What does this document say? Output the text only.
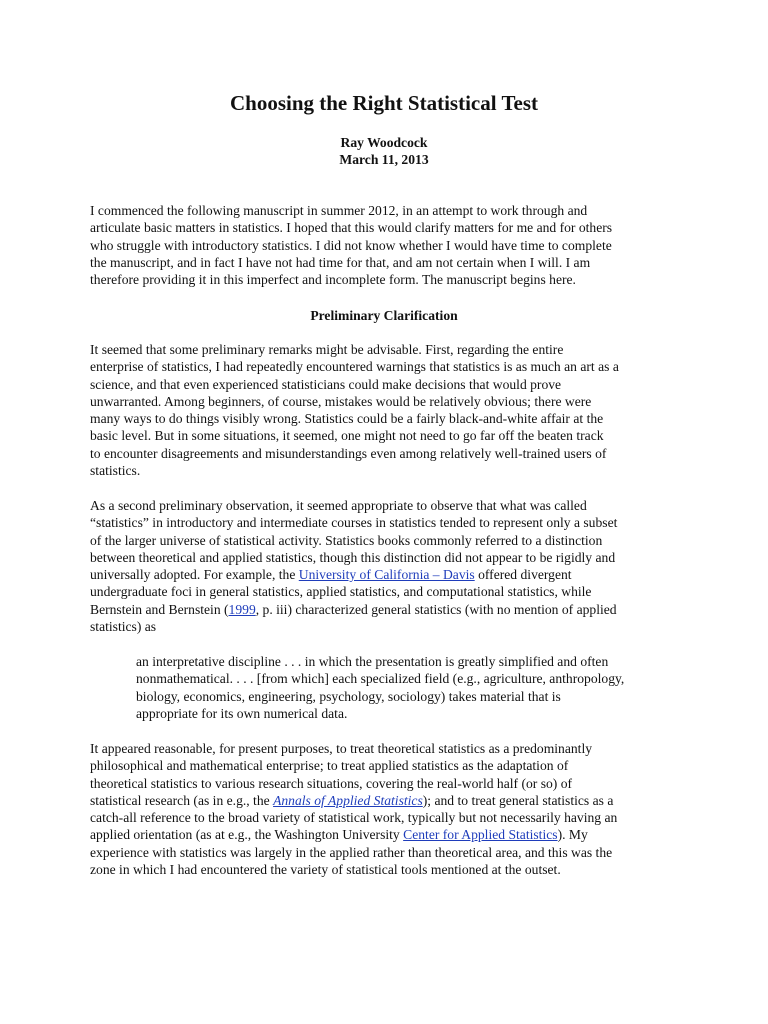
Choosing the Right Statistical Test
Ray Woodcock
March 11, 2013

I commenced the following manuscript in summer 2012, in an attempt to work through and
articulate basic matters in statistics. I hoped that this would clarify matters for me and for others
who struggle with introductory statistics. I did not know whether I would have time to complete
the manuscript, and in fact I have not had time for that, and am not certain when I will. I am
therefore providing it in this imperfect and incomplete form. The manuscript begins here.

Preliminary Clarification

It seemed that some preliminary remarks might be advisable. First, regarding the entire
enterprise of statistics, I had repeatedly encountered warnings that statistics is as much an art as a
science, and that even experienced statisticians could make decisions that would prove
unwarranted. Among beginners, of course, mistakes would be relatively obvious; there were
many ways to do things visibly wrong. Statistics could be a fairly black-and-white affair at the
basic level. But in some situations, it seemed, one might not need to go far off the beaten track
to encounter disagreements and misunderstandings even among relatively well-trained users of
statistics.

As a second preliminary observation, it seemed appropriate to observe that what was called
“statistics” in introductory and intermediate courses in statistics tended to represent only a subset
of the larger universe of statistical activity. Statistics books commonly referred to a distinction
between theoretical and applied statistics, though this distinction did not appear to be rigidly and
universally adopted. For example, the University of California – Davis offered divergent
undergraduate foci in general statistics, applied statistics, and computational statistics, while
Bernstein and Bernstein (1999, p. iii) characterized general statistics (with no mention of applied
statistics) as

an interpretative discipline . . . in which the presentation is greatly simplified and often
nonmathematical. . . . [from which] each specialized field (e.g., agriculture, anthropology,
biology, economics, engineering, psychology, sociology) takes material that is
appropriate for its own numerical data.

It appeared reasonable, for present purposes, to treat theoretical statistics as a predominantly
philosophical and mathematical enterprise; to treat applied statistics as the adaptation of
theoretical statistics to various research situations, covering the real-world half (or so) of
statistical research (as in e.g., the Annals of Applied Statistics); and to treat general statistics as a
catch-all reference to the broad variety of statistical work, typically but not necessarily having an
applied orientation (as at e.g., the Washington University Center for Applied Statistics). My
experience with statistics was largely in the applied rather than theoretical area, and this was the
zone in which I had encountered the variety of statistical tools mentioned at the outset.
